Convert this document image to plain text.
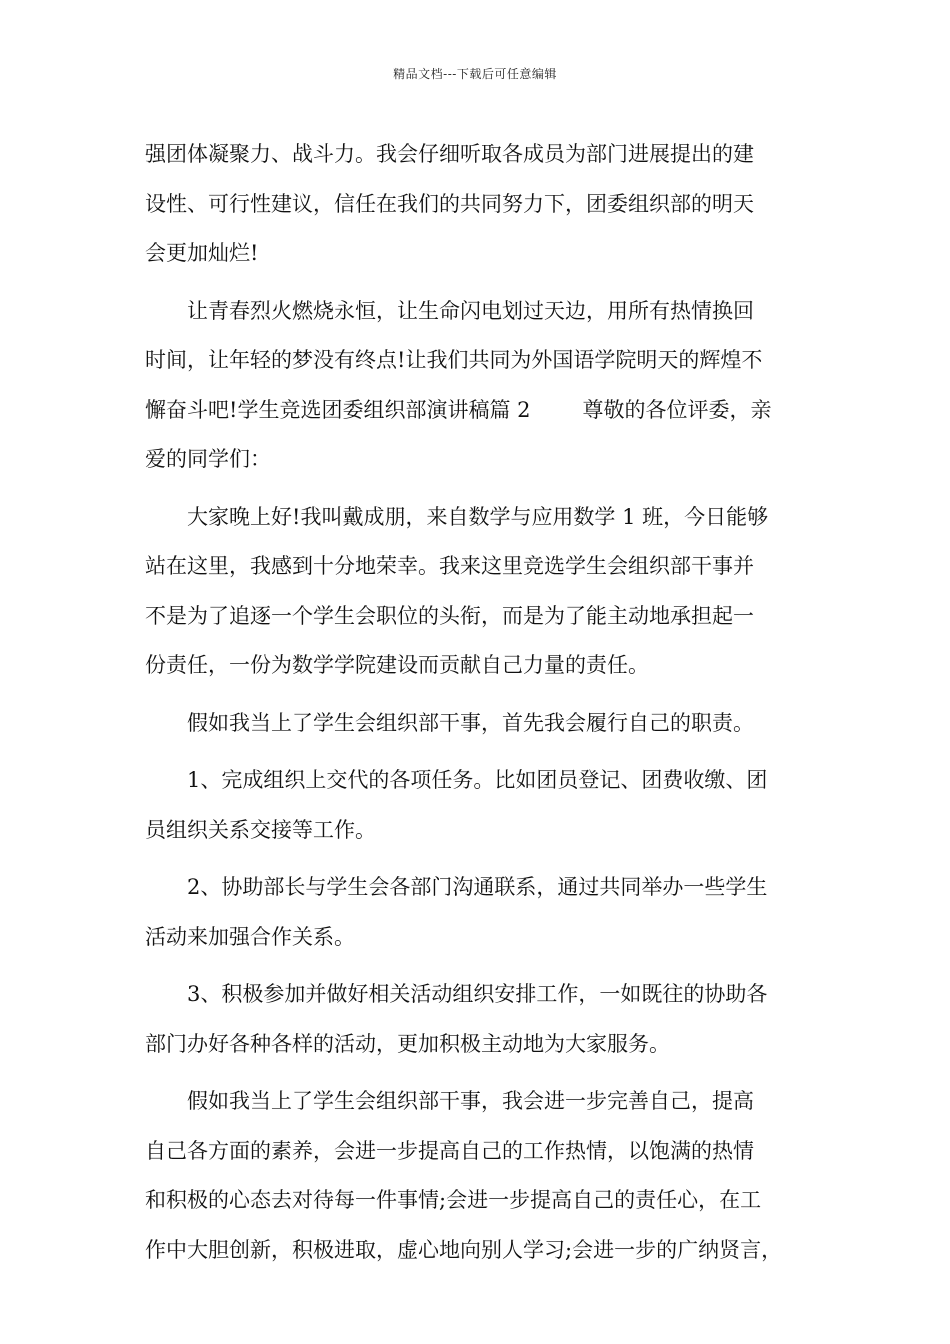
精品文档---下载后可任意编辑
强团体凝聚力、战斗力。我会仔细听取各成员为部门进展提出的建
设性、可行性建议，信任在我们的共同努力下，团委组织部的明天
会更加灿烂!
让青春烈火燃烧永恒，让生命闪电划过天边，用所有热情换回
时间，让年轻的梦没有终点!让我们共同为外国语学院明天的辉煌不
懈奋斗吧!学生竞选团委组织部演讲稿篇 2 尊敬的各位评委，亲
爱的同学们：
大家晚上好!我叫戴成朋，来自数学与应用数学 1 班，今日能够
站在这里，我感到十分地荣幸。我来这里竞选学生会组织部干事并
不是为了追逐一个学生会职位的头衔，而是为了能主动地承担起一
份责任，一份为数学学院建设而贡献自己力量的责任。
假如我当上了学生会组织部干事，首先我会履行自己的职责。
1、完成组织上交代的各项任务。比如团员登记、团费收缴、团
员组织关系交接等工作。
2、协助部长与学生会各部门沟通联系，通过共同举办一些学生
活动来加强合作关系。
3、积极参加并做好相关活动组织安排工作，一如既往的协助各
部门办好各种各样的活动，更加积极主动地为大家服务。
假如我当上了学生会组织部干事，我会进一步完善自己，提高
自己各方面的素养，会进一步提高自己的工作热情，以饱满的热情
和积极的心态去对待每一件事情;会进一步提高自己的责任心，在工
作中大胆创新，积极进取，虚心地向别人学习;会进一步的广纳贤言，
